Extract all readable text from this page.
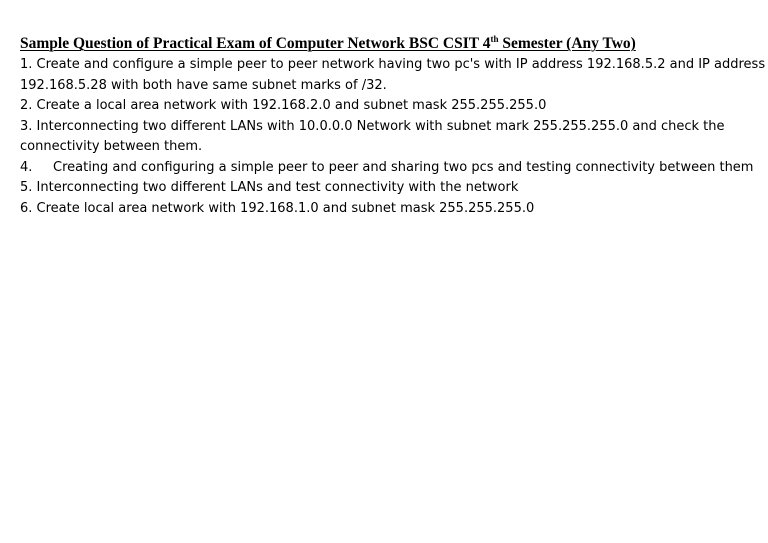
Sample Question of Practical Exam of Computer Network BSC CSIT 4th Semester (Any Two)
1. Create and configure a simple peer to peer network having two pc's with IP address 192.168.5.2 and IP address
192.168.5.28 with both have same subnet marks of /32.
2. Create a local area network with 192.168.2.0 and subnet mask 255.255.255.0
3. Interconnecting two different LANs with 10.0.0.0 Network with subnet mark 255.255.255.0 and check the
connectivity between them.
4. Creating and configuring a simple peer to peer and sharing two pcs and testing connectivity between them
5. Interconnecting two different LANs and test connectivity with the network
6. Create local area network with 192.168.1.0 and subnet mask 255.255.255.0
